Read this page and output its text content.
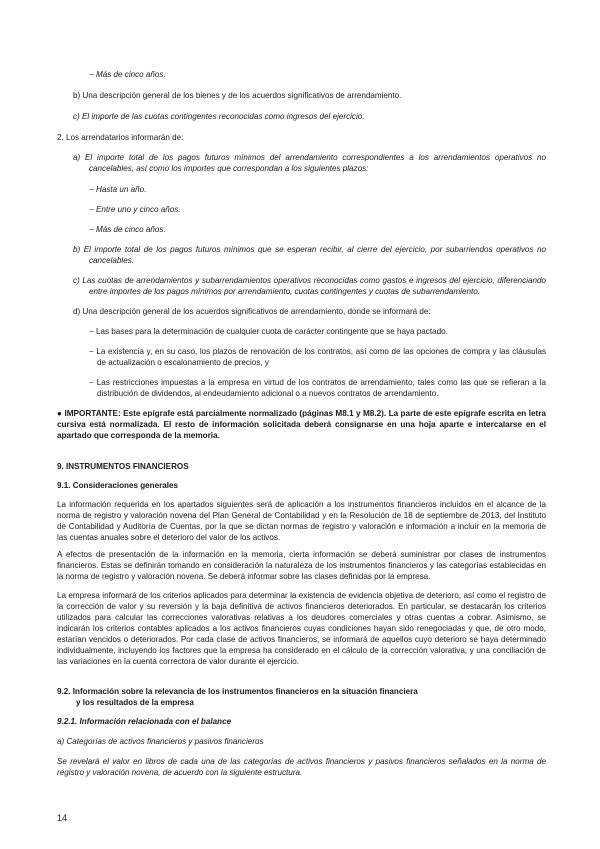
− Más de cinco años.
b) Una descripción general de los bienes y de los acuerdos significativos de arrendamiento.
c) El importe de las cuotas contingentes reconocidas como ingresos del ejercicio.
2. Los arrendatarios informarán de:
a) El importe total de los pagos futuros mínimos del arrendamiento correspondientes a los arrendamientos operativos no cancelables, así como los importes que correspondan a los siguientes plazos:
− Hasta un año.
− Entre uno y cinco años.
− Más de cinco años.
b) El importe total de los pagos futuros mínimos que se esperan recibir, al cierre del ejercicio, por subarriendos operativos no cancelables.
c) Las cuotas de arrendamientos y subarrendamientos operativos reconocidas como gastos e ingresos del ejercicio, diferenciando entre importes de los pagos mínimos por arrendamiento, cuotas contingentes y cuotas de subarrendamiento.
d) Una descripción general de los acuerdos significativos de arrendamiento, donde se informará de:
− Las bases para la determinación de cualquier cuota de carácter contingente que se haya pactado.
− La existencia y, en su caso, los plazos de renovación de los contratos, así como de las opciones de compra y las cláusulas de actualización o escalonamiento de precios, y
− Las restricciones impuestas a la empresa en virtud de los contratos de arrendamiento, tales como las que se refieran a la distribución de dividendos, al endeudamiento adicional o a nuevos contratos de arrendamiento.
● IMPORTANTE: Este epígrafe está parcialmente normalizado (páginas M8.1 y M8.2). La parte de este epígrafe escrita en letra cursiva está normalizada. El resto de información solicitada deberá consignarse en una hoja aparte e intercalarse en el apartado que corresponda de la memoria.
9. INSTRUMENTOS FINANCIEROS
9.1. Consideraciones generales
La información requerida en los apartados siguientes será de aplicación a los instrumentos financieros incluidos en el alcance de la norma de registro y valoración novena del Plan General de Contabilidad y en la Resolución de 18 de septiembre de 2013, del Instituto de Contabilidad y Auditoría de Cuentas, por la que se dictan normas de registro y valoración e información a incluir en la memoria de las cuentas anuales sobre el deterioro del valor de los activos.
A efectos de presentación de la información en la memoria, cierta información se deberá suministrar por clases de instrumentos financieros. Estas se definirán tomando en consideración la naturaleza de los instrumentos financieros y las categorías establecidas en la norma de registro y valoración novena. Se deberá informar sobre las clases definidas por la empresa.
La empresa informará de los criterios aplicados para determinar la existencia de evidencia objetiva de deterioro, así como el registro de la corrección de valor y su reversión y la baja definitiva de activos financieros deteriorados. En particular, se destacarán los criterios utilizados para calcular las correcciones valorativas relativas a los deudores comerciales y otras cuentas a cobrar. Asimismo, se indicarán los criterios contables aplicados a los activos financieros cuyas condiciones hayan sido renegociadas y que, de otro modo, estarían vencidos o deteriorados. Por cada clase de activos financieros, se informará de aquellos cuyo deterioro se haya determinado individualmente, incluyendo los factores que la empresa ha considerado en el cálculo de la corrección valorativa, y una conciliación de las variaciones en la cuenta correctora de valor durante el ejercicio.
9.2. Información sobre la relevancia de los instrumentos financieros en la situación financiera
y los resultados de la empresa
9.2.1. Información relacionada con el balance
a) Categorías de activos financieros y pasivos financieros
Se revelará el valor en libros de cada una de las categorías de activos financieros y pasivos financieros señalados en la norma de registro y valoración novena, de acuerdo con la siguiente estructura.
14
